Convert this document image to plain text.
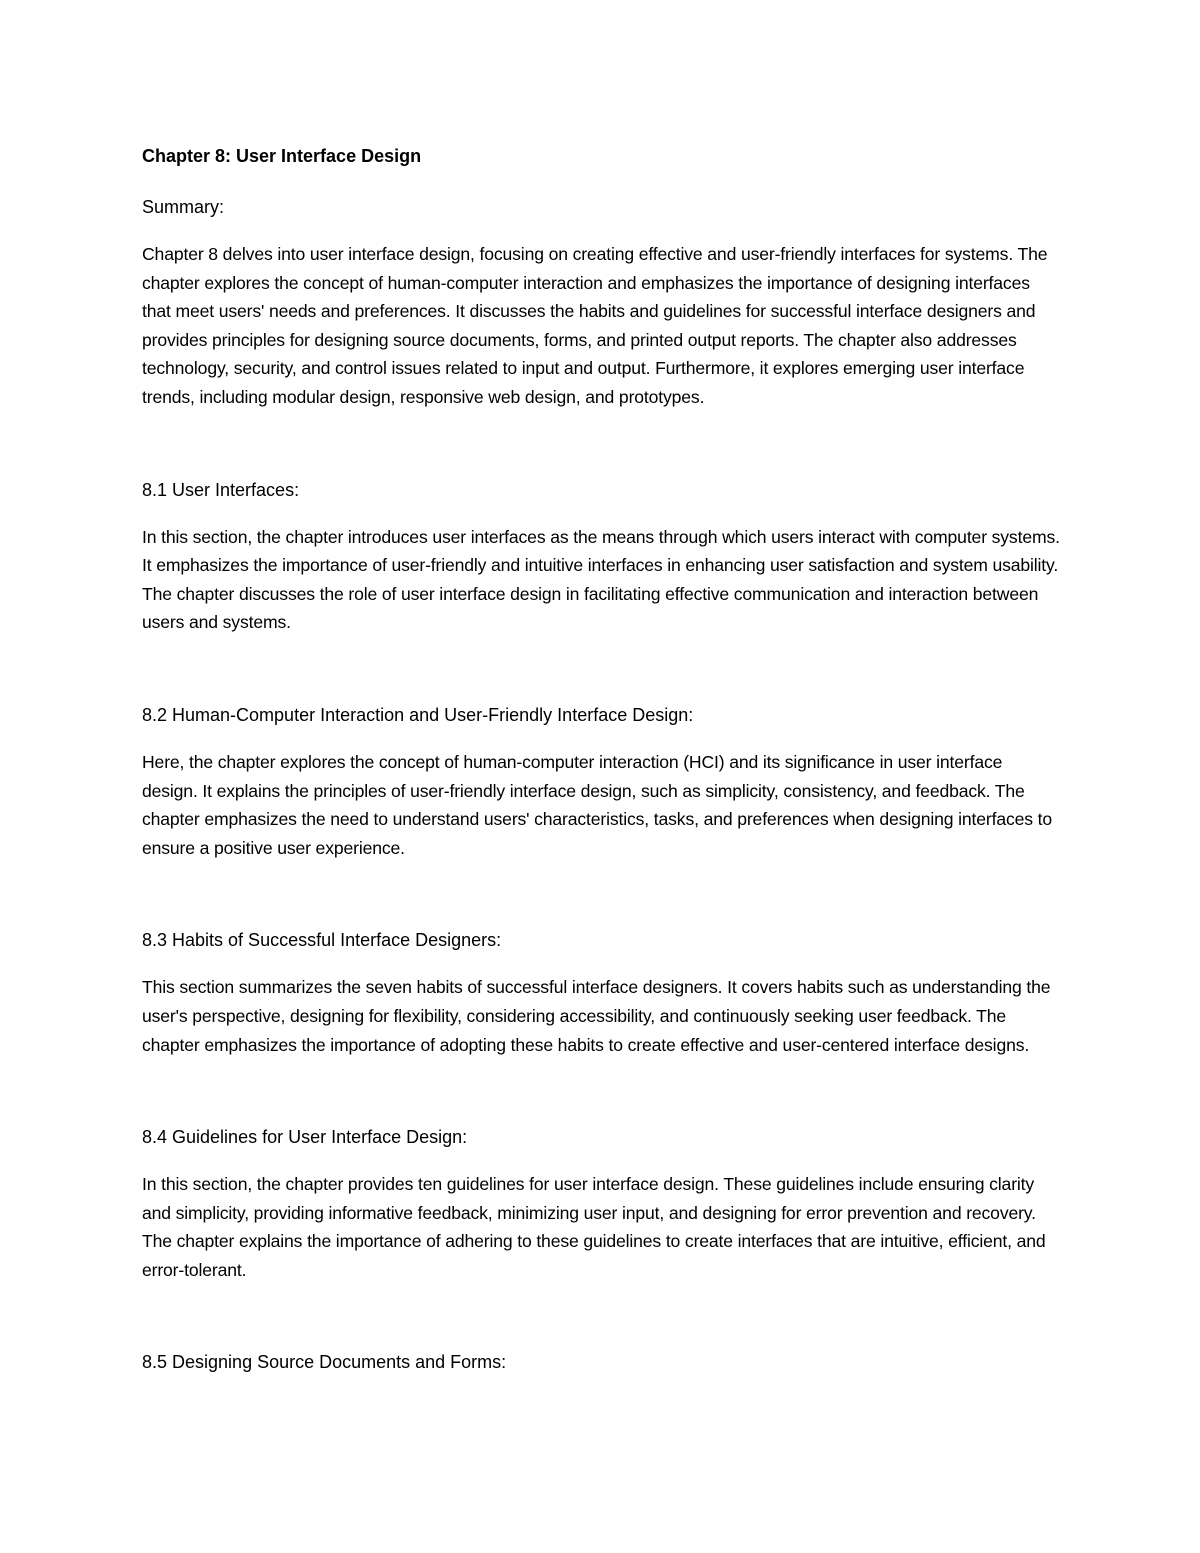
Chapter 8: User Interface Design

Summary:

Chapter 8 delves into user interface design, focusing on creating effective and user-friendly interfaces for systems. The chapter explores the concept of human-computer interaction and emphasizes the importance of designing interfaces that meet users' needs and preferences. It discusses the habits and guidelines for successful interface designers and provides principles for designing source documents, forms, and printed output reports. The chapter also addresses technology, security, and control issues related to input and output. Furthermore, it explores emerging user interface trends, including modular design, responsive web design, and prototypes.

8.1 User Interfaces:

In this section, the chapter introduces user interfaces as the means through which users interact with computer systems. It emphasizes the importance of user-friendly and intuitive interfaces in enhancing user satisfaction and system usability. The chapter discusses the role of user interface design in facilitating effective communication and interaction between users and systems.

8.2 Human-Computer Interaction and User-Friendly Interface Design:

Here, the chapter explores the concept of human-computer interaction (HCI) and its significance in user interface design. It explains the principles of user-friendly interface design, such as simplicity, consistency, and feedback. The chapter emphasizes the need to understand users' characteristics, tasks, and preferences when designing interfaces to ensure a positive user experience.

8.3 Habits of Successful Interface Designers:

This section summarizes the seven habits of successful interface designers. It covers habits such as understanding the user's perspective, designing for flexibility, considering accessibility, and continuously seeking user feedback. The chapter emphasizes the importance of adopting these habits to create effective and user-centered interface designs.

8.4 Guidelines for User Interface Design:

In this section, the chapter provides ten guidelines for user interface design. These guidelines include ensuring clarity and simplicity, providing informative feedback, minimizing user input, and designing for error prevention and recovery. The chapter explains the importance of adhering to these guidelines to create interfaces that are intuitive, efficient, and error-tolerant.

8.5 Designing Source Documents and Forms:
